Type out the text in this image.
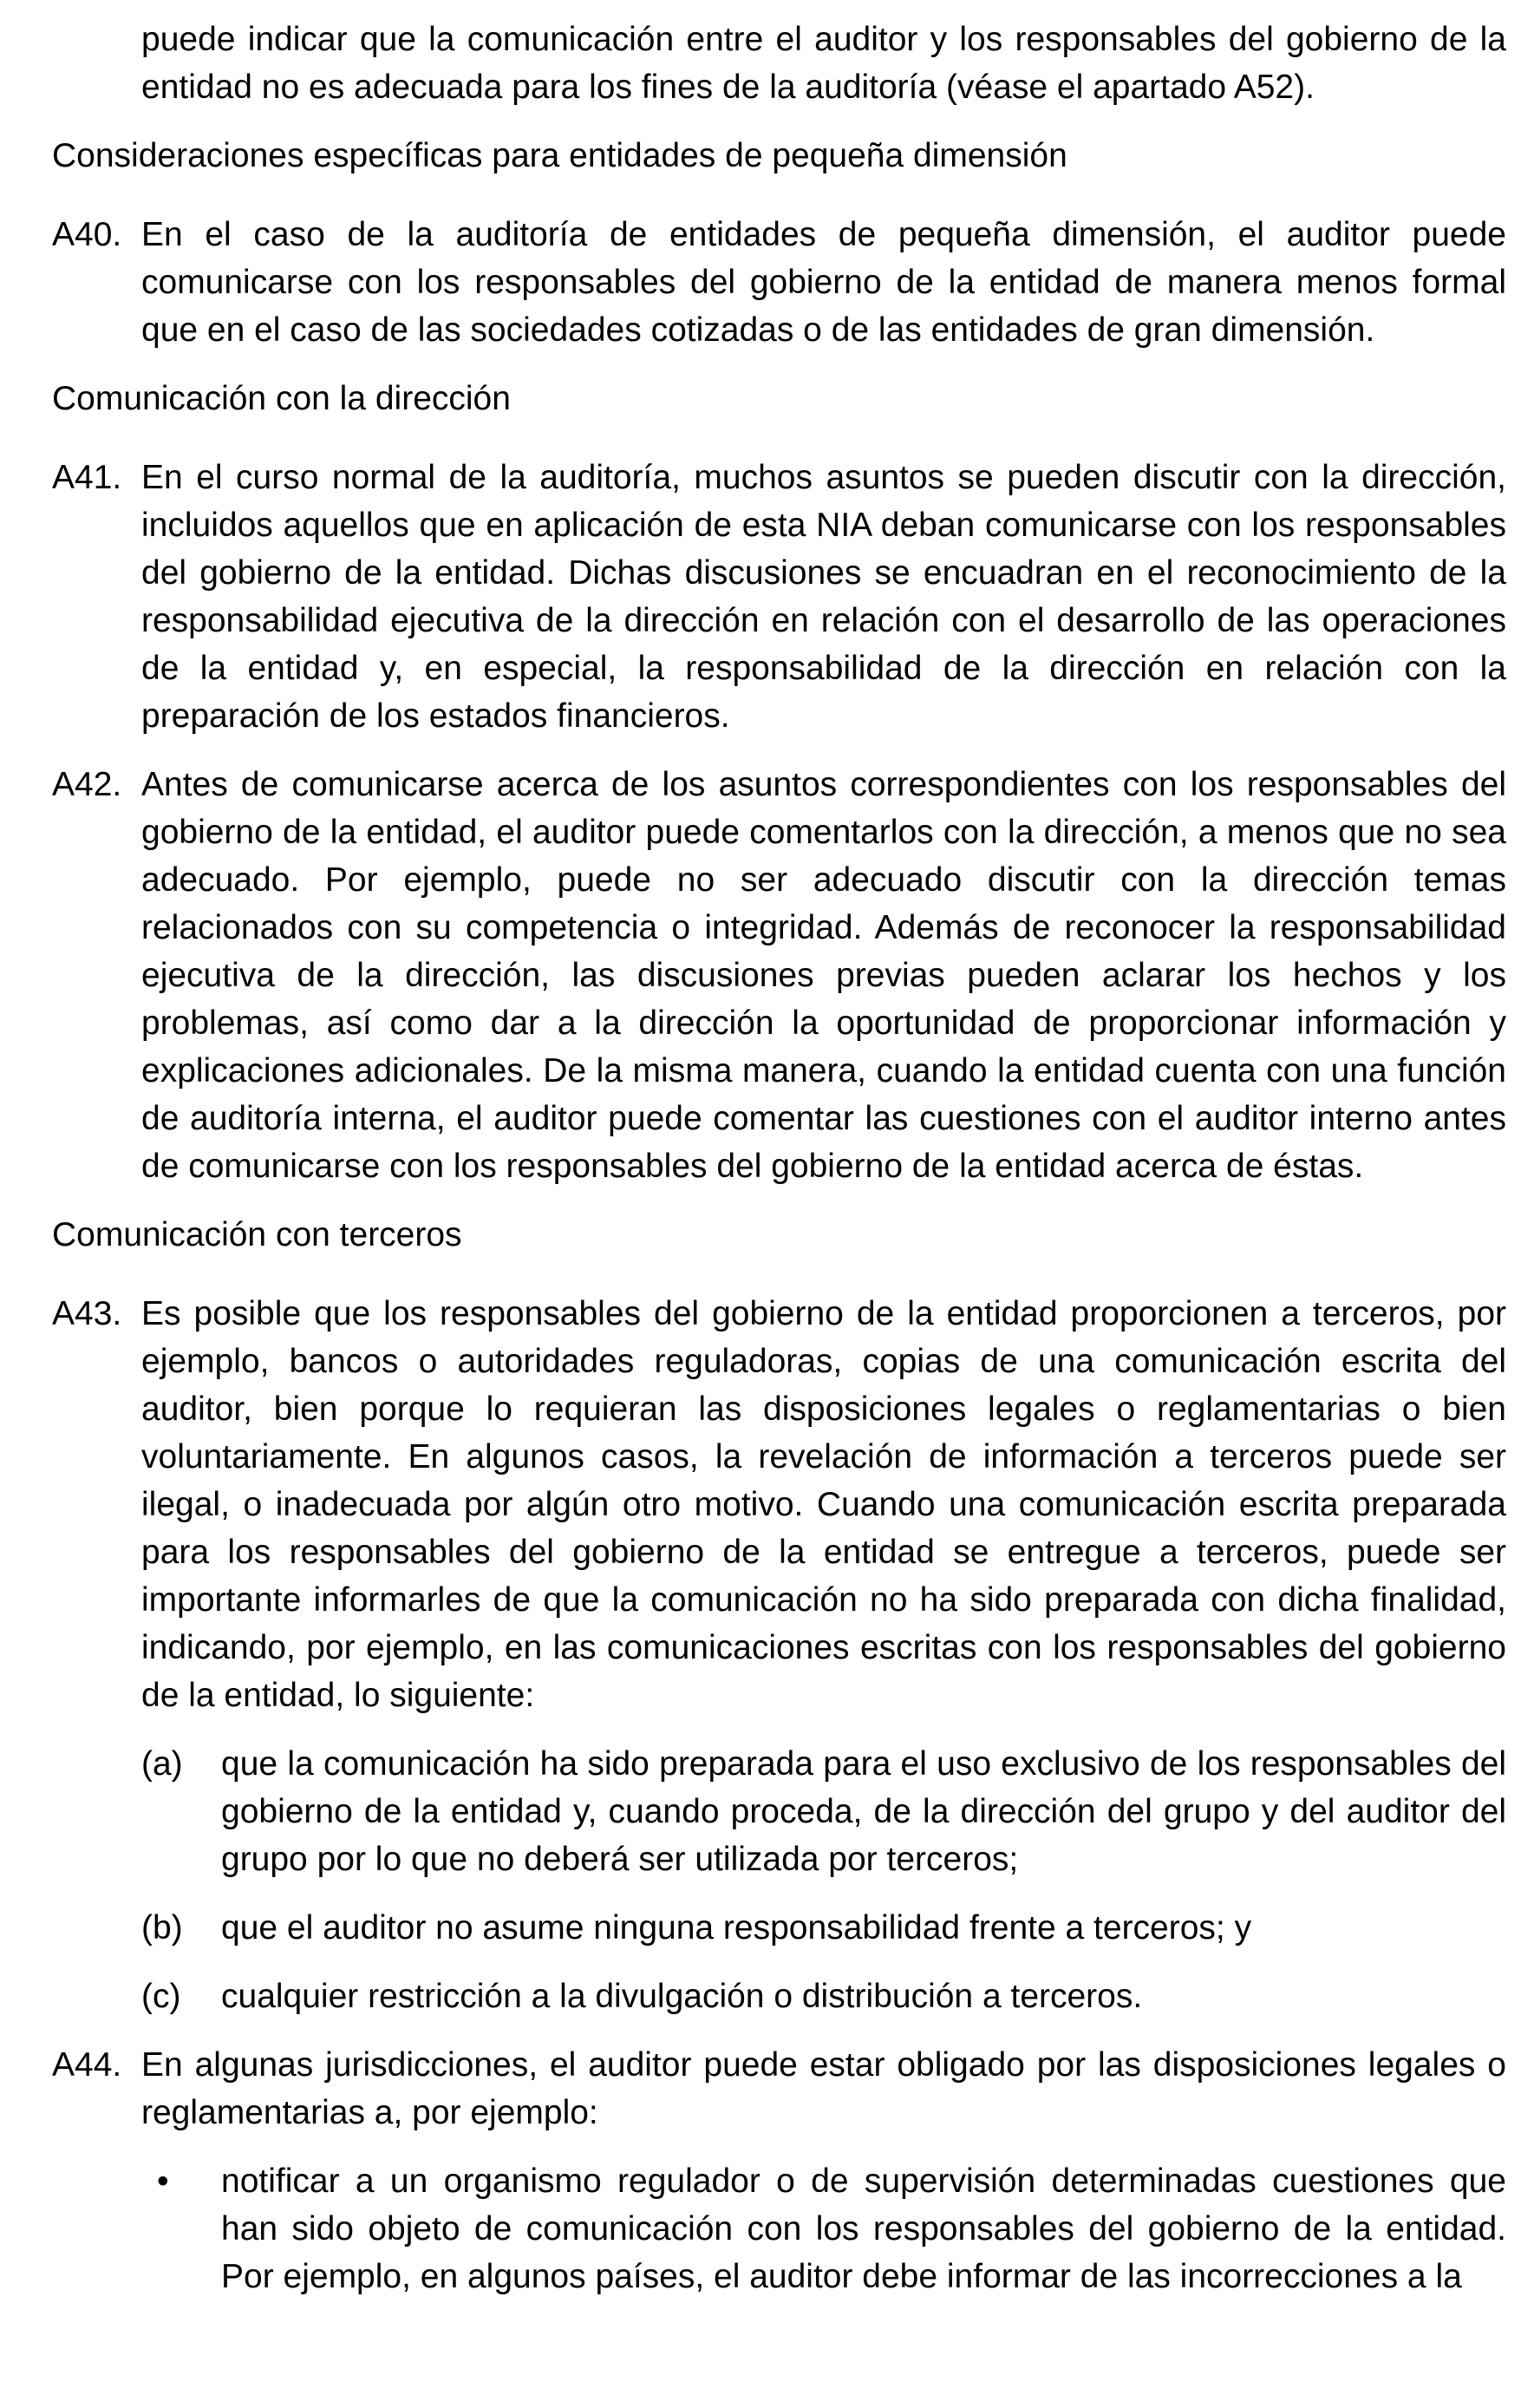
puede indicar que la comunicación entre el auditor y los responsables del gobierno de la entidad no es adecuada para los fines de la auditoría (véase el apartado A52).
Consideraciones específicas para entidades de pequeña dimensión
A40. En el caso de la auditoría de entidades de pequeña dimensión, el auditor puede comunicarse con los responsables del gobierno de la entidad de manera menos formal que en el caso de las sociedades cotizadas o de las entidades de gran dimensión.
Comunicación con la dirección
A41. En el curso normal de la auditoría, muchos asuntos se pueden discutir con la dirección, incluidos aquellos que en aplicación de esta NIA deban comunicarse con los responsables del gobierno de la entidad. Dichas discusiones se encuadran en el reconocimiento de la responsabilidad ejecutiva de la dirección en relación con el desarrollo de las operaciones de la entidad y, en especial, la responsabilidad de la dirección en relación con la preparación de los estados financieros.
A42. Antes de comunicarse acerca de los asuntos correspondientes con los responsables del gobierno de la entidad, el auditor puede comentarlos con la dirección, a menos que no sea adecuado. Por ejemplo, puede no ser adecuado discutir con la dirección temas relacionados con su competencia o integridad. Además de reconocer la responsabilidad ejecutiva de la dirección, las discusiones previas pueden aclarar los hechos y los problemas, así como dar a la dirección la oportunidad de proporcionar información y explicaciones adicionales. De la misma manera, cuando la entidad cuenta con una función de auditoría interna, el auditor puede comentar las cuestiones con el auditor interno antes de comunicarse con los responsables del gobierno de la entidad acerca de éstas.
Comunicación con terceros
A43. Es posible que los responsables del gobierno de la entidad proporcionen a terceros, por ejemplo, bancos o autoridades reguladoras, copias de una comunicación escrita del auditor, bien porque lo requieran las disposiciones legales o reglamentarias o bien voluntariamente. En algunos casos, la revelación de información a terceros puede ser ilegal, o inadecuada por algún otro motivo. Cuando una comunicación escrita preparada para los responsables del gobierno de la entidad se entregue a terceros, puede ser importante informarles de que la comunicación no ha sido preparada con dicha finalidad, indicando, por ejemplo, en las comunicaciones escritas con los responsables del gobierno de la entidad, lo siguiente:
(a) que la comunicación ha sido preparada para el uso exclusivo de los responsables del gobierno de la entidad y, cuando proceda, de la dirección del grupo y del auditor del grupo por lo que no deberá ser utilizada por terceros;
(b) que el auditor no asume ninguna responsabilidad frente a terceros; y
(c) cualquier restricción a la divulgación o distribución a terceros.
A44. En algunas jurisdicciones, el auditor puede estar obligado por las disposiciones legales o reglamentarias a, por ejemplo:
• notificar a un organismo regulador o de supervisión determinadas cuestiones que han sido objeto de comunicación con los responsables del gobierno de la entidad. Por ejemplo, en algunos países, el auditor debe informar de las incorrecciones a la
